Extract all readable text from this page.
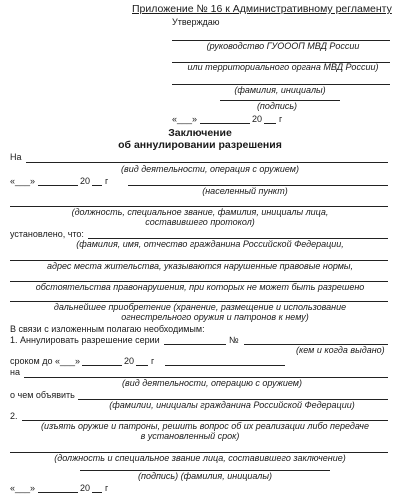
Приложение № 16 к Административному регламенту
Утверждаю
(руководство ГУОООП МВД России
или территориального органа МВД России)
(фамилия, инициалы)
(подпись)
«___»	20 г
Заключение
об аннулировании разрешения
На
(вид деятельности, операция с оружием)
«___»	20 г
(населенный пункт)
(должность, специальное звание, фамилия, инициалы лица,
составившего протокол)
установлено, что:
(фамилия, имя, отчество гражданина Российской Федерации,
адрес места жительства, указываются нарушенные правовые нормы,
обстоятельства правонарушения, при которых не может быть разрешено
дальнейшее приобретение (хранение, размещение и использование
огнестрельного оружия и патронов к нему)
В связи с изложенным полагаю необходимым:
1. Аннулировать разрешение серии	№
(кем и когда выдано)
сроком до «___»	20 г
на
(вид деятельности, операцию с оружием)
о чем объявить
(фамилии, инициалы гражданина Российской Федерации)
2.
(изъять оружие и патроны, решить вопрос об их реализации либо передаче
в установленный срок)
(должность и специальное звание лица, составившего заключение)
(подпись) (фамилия, инициалы)
«___»	20 г
